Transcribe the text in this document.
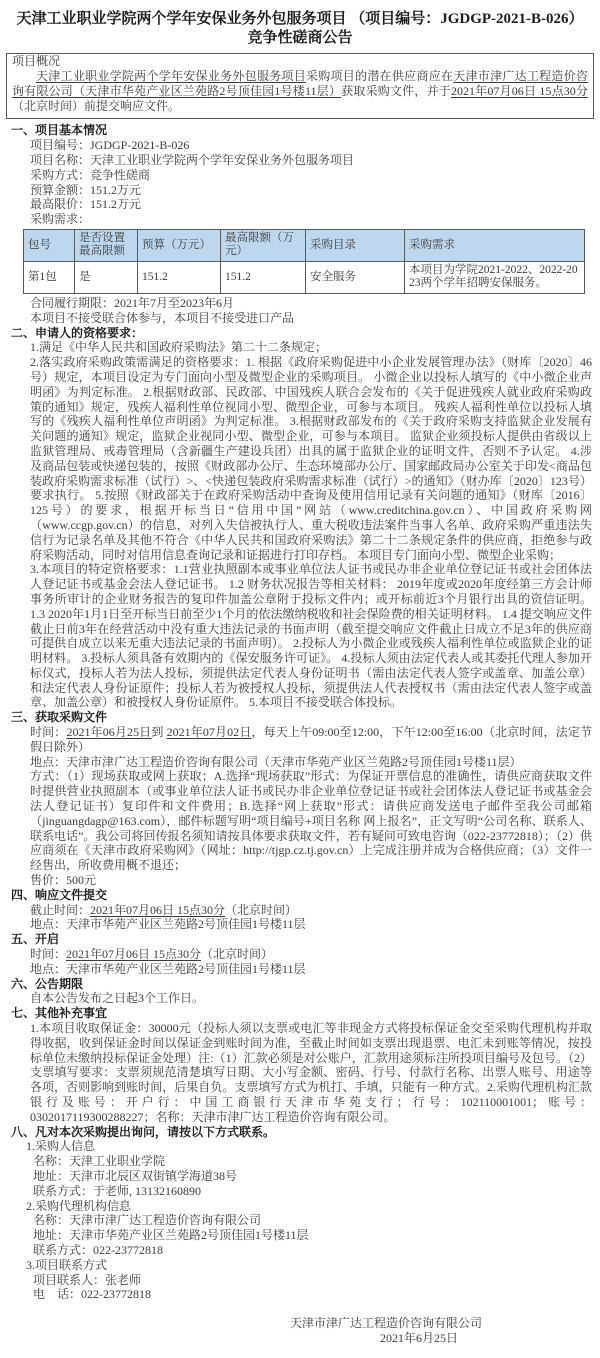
天津工业职业学院两个学年安保业务外包服务项目 （项目编号：JGDGP-2021-B-026）
竞争性磋商公告

项目概况

天津工业职业学院两个学年安保业务外包服务项目采购项目的潜在供应商应在天津市津广达工程造价咨询有限公司（天津市华苑产业区兰苑路2号顶佳园1号楼11层）获取采购文件，并于2021年07月06日 15点30分（北京时间）前提交响应文件。

一、项目基本情况

项目编号：JGDGP-2021-B-026

项目名称：天津工业职业学院两个学年安保业务外包服务项目

采购方式：竞争性磋商

预算金额：151.2万元

最高限价：151.2万元

采购需求：

包号	是否设置最高限额	预算（万元）	最高限额（万元）	采购目录	采购需求
第1包	是	151.2	151.2	安全服务	本项目为学院2021-2022、2022-2023两个学年招聘安保服务。

合同履行期限：2021年7月至2023年6月

本项目不接受联合体参与，本项目不接受进口产品

二、申请人的资格要求：

1.满足《中华人民共和国政府采购法》第二十二条规定；

2.落实政府采购政策需满足的资格要求：1. 根据《政府采购促进中小企业发展管理办法》（财库〔2020〕46号）规定，本项目设定为专门面向小型及微型企业的采购项目。 小微企业以投标人填写的《中小微企业声明函》为判定标准。 2.根据财政部、民政部、中国残疾人联合会发布的《关于促进残疾人就业政府采购政策的通知》规定，残疾人福利性单位视同小型、微型企业，可参与本项目。 残疾人福利性单位以投标人填写的《残疾人福利性单位声明函》为判定标准。 3.根据财政部发布的《关于政府采购支持监狱企业发展有关问题的通知》规定，监狱企业视同小型、微型企业，可参与本项目。 监狱企业须投标人提供由省级以上监狱管理局、戒毒管理局（含新疆生产建设兵团）出具的属于监狱企业的证明文件，否则不予认定。 4.涉及商品包装或快递包装的，按照《财政部办公厅、生态环境部办公厅、国家邮政局办公室关于印发<商品包装政府采购需求标准（试行）>、<快递包装政府采购需求标准（试行）>的通知》（财办库〔2020〕123号）要求执行。 5.按照《财政部关于在政府采购活动中查询及使用信用记录有关问题的通知》（财库〔2016〕125号）的要求，根据开标当日“信用中国”网站（www.creditchina.gov.cn）、中国政府采购网（www.ccgp.gov.cn）的信息，对列入失信被执行人、重大税收违法案件当事人名单、政府采购严重违法失信行为记录名单及其他不符合《中华人民共和国政府采购法》第二十二条规定条件的供应商，拒绝参与政府采购活动，同时对信用信息查询记录和证据进行打印存档。 本项目专门面向小型、微型企业采购；

3.本项目的特定资格要求：1.1营业执照副本或事业单位法人证书或民办非企业单位登记证书或社会团体法人登记证书或基金会法人登记证书。 1.2 财务状况报告等相关材料： 2019年度或2020年度经第三方会计师事务所审计的企业财务报告的复印件加盖公章附于投标文件内；或开标前近3个月银行出具的资信证明。 1.3 2020年1月1日至开标当日前至少1个月的依法缴纳税收和社会保险费的相关证明材料。 1.4 提交响应文件截止日前3年在经营活动中没有重大违法记录的书面声明（截至提交响应文件截止日成立不足3年的供应商可提供自成立以来无重大违法记录的书面声明）。 2.投标人为小微企业或残疾人福利性单位或监狱企业的证明材料。 3.投标人须具备有效期内的《保安服务许可证》。 4.投标人须由法定代表人或其委托代理人参加开标仪式，投标人若为法人投标，须提供法定代表人身份证明书（需由法定代表人签字或盖章、加盖公章）和法定代表人身份证原件；投标人若为被授权人投标，须提供法人代表授权书（需由法定代表人签字或盖章、加盖公章）和被授权人身份证原件。 5.本项目不接受联合体投标。

三、获取采购文件

时间：2021年06月25日到 2021年07月02日，每天上午09:00至12:00，下午12:00至16:00（北京时间，法定节假日除外）

地点：天津市津广达工程造价咨询有限公司（天津市华苑产业区兰苑路2号顶佳园1号楼11层）

方式：（1）现场获取或网上获取；A.选择“现场获取”形式：为保证开票信息的准确性，请供应商获取文件时提供营业执照副本（或事业单位法人证书或民办非企业单位登记证书或社会团体法人登记证书或基金会法人登记证书）复印件和文件费用；B.选择“网上获取”形式：请供应商发送电子邮件至我公司邮箱（jinguangdagp@163.com），邮件标题写明“项目编号+项目名称 网上报名”，正文写明“公司名称、联系人、联系电话”。我公司将回传报名须知请按具体要求获取文件，若有疑问可致电咨询（022-23772818）；（2）供应商须在《天津市政府采购网》（网址：http://tjgp.cz.tj.gov.cn）上完成注册并成为合格供应商；（3）文件一经售出，所收费用概不退还；

售价：500元

四、响应文件提交

截止时间：2021年07月06日 15点30分（北京时间）

地点：天津市华苑产业区兰苑路2号顶佳园1号楼11层

五、开启

时间：2021年07月06日 15点30分（北京时间）

地点：天津市华苑产业区兰苑路2号顶佳园1号楼11层

六、公告期限

自本公告发布之日起3个工作日。

七、其他补充事宜

1.本项目收取保证金：30000元（投标人须以支票或电汇等非现金方式将投标保证金交至采购代理机构并取得收据，收到保证金时间以保证金到账时间为准，至截止时间如支票出现退票、电汇未到账等情况，按投标单位未缴纳投标保证金处理）注:（1）汇款必须是对公账户，汇款用途须标注所投项目编号及包号。（2）支票填写要求：支票须规范清楚填写日期、大小写金额、密码、行号、付款行名称、出票人账号、用途等各项，否则影响到账时间，后果自负。支票填写方式为机打、手填，只能有一种方式。2.采购代理机构汇款银行及账号：开户行：中国工商银行天津市华苑支行；行号：102110001001；账号：0302017119300288227；名称：天津市津广达工程造价咨询有限公司。

八、凡对本次采购提出询问，请按以下方式联系。

1.采购人信息

名称：天津工业职业学院

地址：天津市北辰区双街镇学海道38号

联系方式：于老师, 13132160890

2.采购代理机构信息

名称：天津市津广达工程造价咨询有限公司

地址：天津市华苑产业区兰苑路2号顶佳园1号楼11层

联系方式：022-23772818

3.项目联系方式

项目联系人：张老师

电　话：022-23772818

天津市津广达工程造价咨询有限公司

2021年6月25日
